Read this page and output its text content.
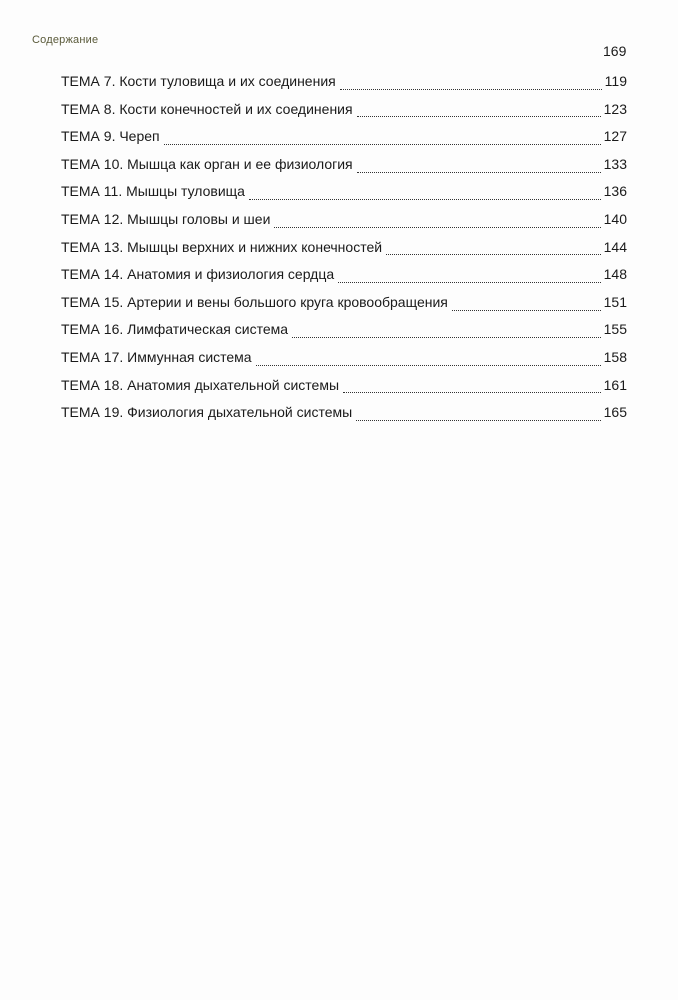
Содержание
169
ТЕМА 7. Кости туловища и их соединения	119
ТЕМА 8. Кости конечностей и их соединения	123
ТЕМА 9. Череп	127
ТЕМА 10. Мышца как орган и ее физиология	133
ТЕМА 11. Мышцы туловища	136
ТЕМА 12. Мышцы головы и шеи	140
ТЕМА 13. Мышцы верхних и нижних конечностей	144
ТЕМА 14. Анатомия и физиология сердца	148
ТЕМА 15. Артерии и вены большого круга кровообращения	151
ТЕМА 16. Лимфатическая система	155
ТЕМА 17. Иммунная система	158
ТЕМА 18. Анатомия дыхательной системы	161
ТЕМА 19. Физиология дыхательной системы	165
